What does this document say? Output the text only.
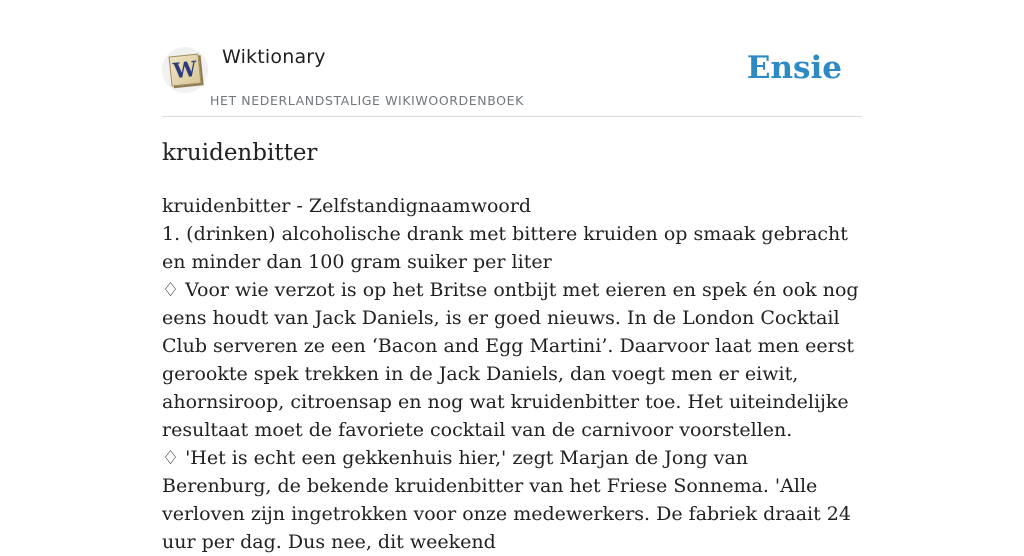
W Wiktionary
HET NEDERLANDSTALIGE WIKIWOORDENBOEK
Ensie
kruidenbitter

kruidenbitter - Zelfstandignaamwoord

1. (drinken) alcoholische drank met bittere kruiden op smaak gebracht en minder dan 100 gram suiker per liter

♢ Voor wie verzot is op het Britse ontbijt met eieren en spek én ook nog eens houdt van Jack Daniels, is er goed nieuws. In de London Cocktail Club serveren ze een ‘Bacon and Egg Martini’. Daarvoor laat men eerst gerookte spek trekken in de Jack Daniels, dan voegt men er eiwit, ahornsiroop, citroensap en nog wat kruidenbitter toe. Het uiteindelijke resultaat moet de favoriete cocktail van de carnivoor voorstellen.

♢ 'Het is echt een gekkenhuis hier,' zegt Marjan de Jong van Berenburg, de bekende kruidenbitter van het Friese Sonnema. 'Alle verloven zijn ingetrokken voor onze medewerkers. De fabriek draait 24 uur per dag. Dus nee, dit weekend
